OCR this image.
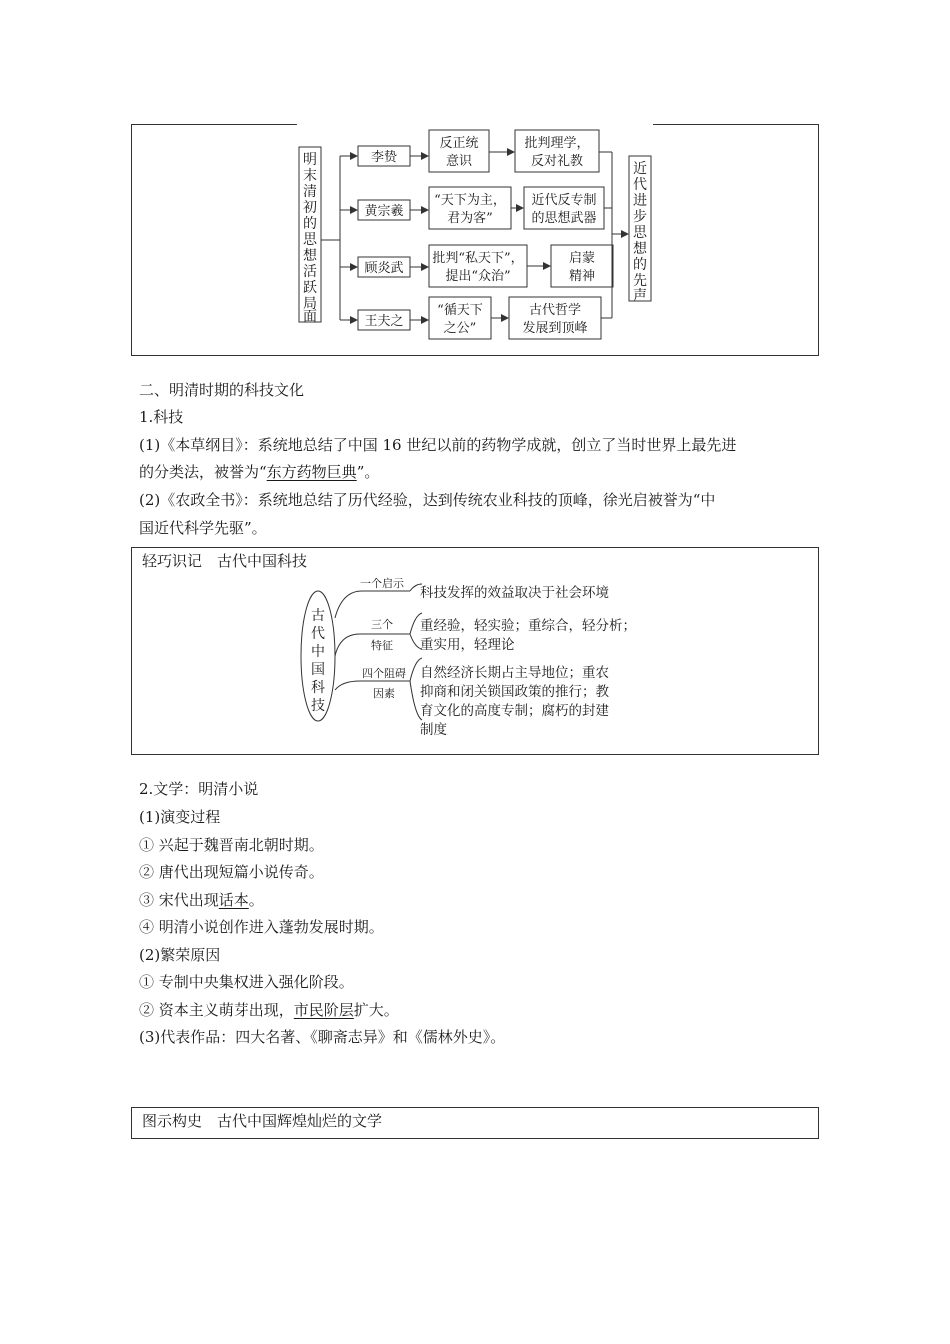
明
末
清
初
的
思
想
活
跃
局
面
李贽
反正统
意识
批判理学，
反对礼教
黄宗羲
“天下为主，
君为客”
近代反专制
的思想武器
顾炎武
批判“私天下”，
提出“众治”
启蒙
精神
王夫之
“循天下
之公”
古代哲学
发展到顶峰
近
代
进
步
思
想
的
先
声
二、明清时期的科技文化
1.科技
(1)《本草纲目》：系统地总结了中国 16 世纪以前的药物学成就，创立了当时世界上最先进
的分类法，被誉为“东方药物巨典”。
(2)《农政全书》：系统地总结了历代经验，达到传统农业科技的顶峰，徐光启被誉为“中
国近代科学先驱”。
轻巧识记　古代中国科技
古
代
中
国
科
技
一个启示
三个
特征
四个阻碍
因素
科技发挥的效益取决于社会环境
重经验，轻实验；重综合，轻分析；
重实用，轻理论
自然经济长期占主导地位；重农
抑商和闭关锁国政策的推行；教
育文化的高度专制；腐朽的封建
制度
2.文学：明清小说
(1)演变过程
① 兴起于魏晋南北朝时期。
② 唐代出现短篇小说传奇。
③ 宋代出现话本。
④ 明清小说创作进入蓬勃发展时期。
(2)繁荣原因
① 专制中央集权进入强化阶段。
② 资本主义萌芽出现，市民阶层扩大。
(3)代表作品：四大名著、《聊斋志异》和《儒林外史》。
图示构史　古代中国辉煌灿烂的文学
